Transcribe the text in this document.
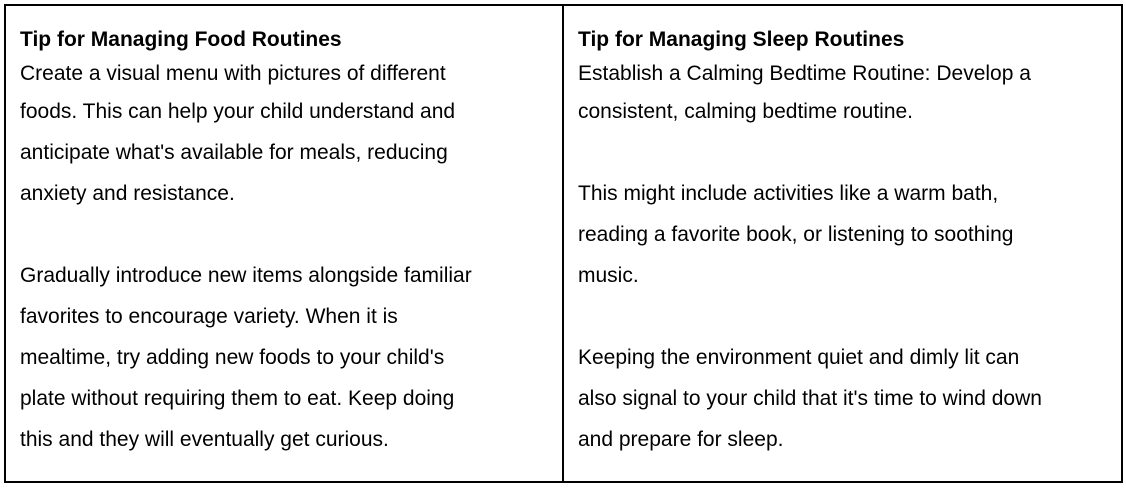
Tip for Managing Food Routines

Create a visual menu with pictures of different

foods. This can help your child understand and

anticipate what's available for meals, reducing

anxiety and resistance.

Gradually introduce new items alongside familiar

favorites to encourage variety. When it is

mealtime, try adding new foods to your child's

plate without requiring them to eat. Keep doing

this and they will eventually get curious.

Tip for Managing Sleep Routines

Establish a Calming Bedtime Routine: Develop a

consistent, calming bedtime routine.

This might include activities like a warm bath,

reading a favorite book, or listening to soothing

music.

Keeping the environment quiet and dimly lit can

also signal to your child that it's time to wind down

and prepare for sleep.
